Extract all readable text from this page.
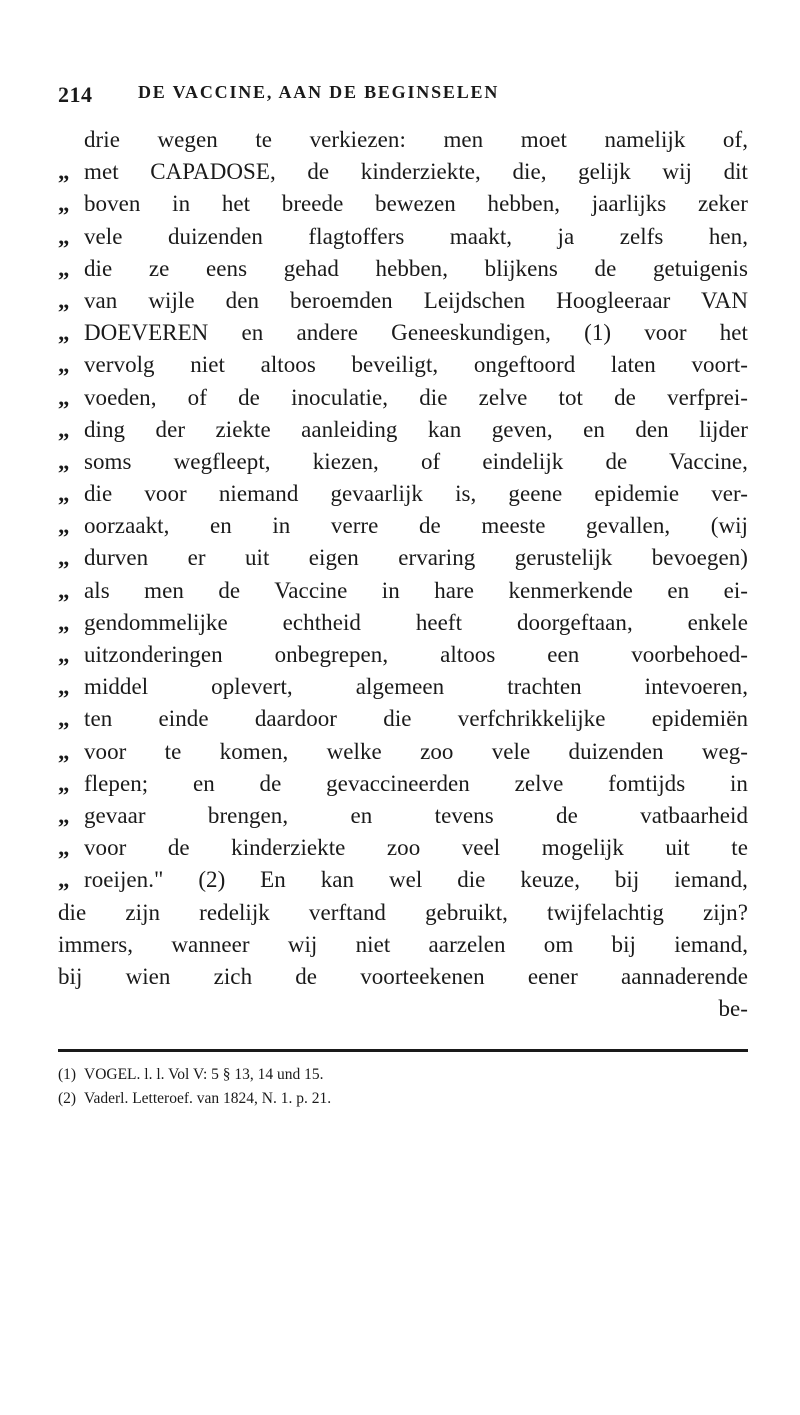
214	DE VACCINE, AAN DE BEGINSELEN
drie wegen te verkiezen: men moet namelijk of,
„ met CAPADOSE, de kinderziekte, die, gelijk wij dit
„ boven in het breede bewezen hebben, jaarlijks zeker
„ vele duizenden flagtoffers maakt, ja zelfs hen,
„ die ze eens gehad hebben, blijkens de getuigenis
„ van wijle den beroemden Leijdschen Hoogleeraar VAN
„ DOEVEREN en andere Geneeskundigen, (1) voor het
„ vervolg niet altoos beveiligt, ongeftoord laten voort-
„ voeden, of de inoculatie, die zelve tot de verfprei-
„ ding der ziekte aanleiding kan geven, en den lijder
„ soms wegfleept, kiezen, of eindelijk de Vaccine,
„ die voor niemand gevaarlijk is, geene epidemie ver-
„ oorzaakt, en in verre de meeste gevallen, (wij
„ durven er uit eigen ervaring gerustelijk bevoegen)
„ als men de Vaccine in hare kenmerkende en ei-
„ gendommelijke echtheid heeft doorgeftaan, enkele
„ uitzonderingen onbegrepen, altoos een voorbehoed-
„ middel oplevert, algemeen trachten intevoeren,
„ ten einde daardoor die verfchrikkelijke epidemiën
„ voor te komen, welke zoo vele duizenden weg-
„ flepen; en de gevaccineerden zelve fomtijds in
„ gevaar brengen, en tevens de vatbaarheid
„ voor de kinderziekte zoo veel mogelijk uit te
„ roeijen." (2) En kan wel die keuze, bij iemand,
die zijn redelijk verftand gebruikt, twijfelachtig zijn?
immers, wanneer wij niet aarzelen om bij iemand,
bij wien zich de voorteekenen eener aannaderende
be-
(1) VOGEL. l. l. Vol V: 5 § 13, 14 und 15.
(2) Vaderl. Letteroef. van 1824, N. 1. p. 21.
